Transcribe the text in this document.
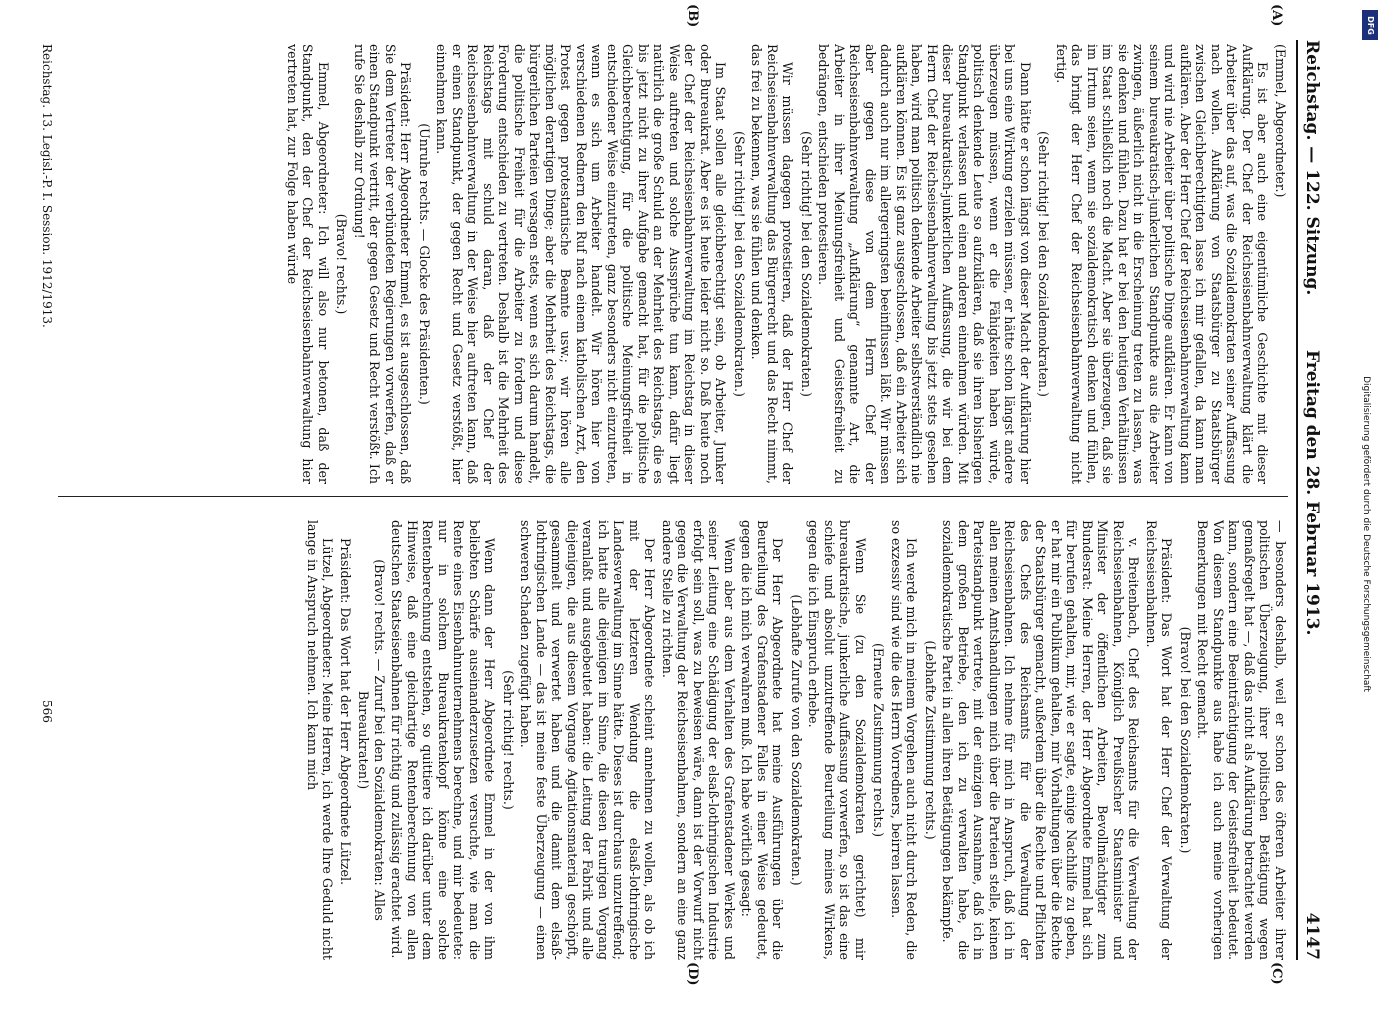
Reichstag. — 122. Sitzung.
Freitag den 28. Februar 1913.
4147
(A)
(B)
(C)
(D)

(Emmel, Abgeordneter.)

Es ist aber auch eine eigentümliche Geschichte mit dieser Aufklärung. Der Chef der Reichseisenbahnverwaltung klärt die Arbeiter über das auf, was die Sozialdemokraten seiner Auffassung nach wollen. Aufklärung von Staatsbürger zu Staatsbürger zwischen Gleichberechtigten lasse ich mir gefallen, da kann man aufklären. Aber der Herr Chef der Reichseisenbahnverwaltung kann und wird nie Arbeiter über politische Dinge aufklären. Er kann von seinem bureaukratisch-junkerlichen Standpunkte aus die Arbeiter zwingen, äußerlich nicht in die Erscheinung treten zu lassen, was sie denken und fühlen. Dazu hat er bei den heutigen Verhältnissen im Staat schließlich noch die Macht. Aber sie überzeugen, daß sie im Irrtum seien, wenn sie sozialdemokratisch denken und fühlen, das bringt der Herr Chef der Reichseisenbahnverwaltung nicht fertig.

(Sehr richtig! bei den Sozialdemokraten.)

Dann hätte er schon längst von dieser Macht der Aufklärung hier bei uns eine Wirkung erzielen müssen, er hätte schon längst andere überzeugen müssen, wenn er die Fähigkeiten haben würde, politisch denkende Leute so aufzuklären, daß sie ihren bisherigen Standpunkt verlassen und einen anderen einnehmen würden. Mit dieser bureaukratisch-junkerlichen Auffassung, die wir bei dem Herrn Chef der Reichseisenbahnverwaltung bis jetzt stets gesehen haben, wird man politisch denkende Arbeiter selbstverständlich nie aufklären können. Es ist ganz ausgeschlossen, daß ein Arbeiter sich dadurch auch nur im allergeringsten beeinflussen läßt. Wir müssen aber gegen diese von dem Herrn Chef der Reichseisenbahnverwaltung „Aufklärung“ genannte Art, die Arbeiter in ihrer Meinungsfreiheit und Geistesfreiheit zu bedrängen, entschieden protestieren.

(Sehr richtig! bei den Sozialdemokraten.)

Wir müssen dagegen protestieren, daß der Herr Chef der Reichseisenbahnverwaltung das Bürgerrecht und das Recht nimmt, das frei zu bekennen, was sie fühlen und denken.

(Sehr richtig! bei den Sozialdemokraten.)

Im Staat sollen alle gleichberechtigt sein, ob Arbeiter, Junker oder Bureaukrat. Aber es ist heute leider nicht so. Daß heute noch der Chef der Reichseisenbahnverwaltung im Reichstag in dieser Weise auftreten und solche Aussprüche tun kann, dafür liegt natürlich die große Schuld an der Mehrheit des Reichstags, die es bis jetzt nicht zu ihrer Aufgabe gemacht hat, für die politische Gleichberechtigung, für die politische Meinungsfreiheit in entschiedener Weise einzutreten, ganz besonders nicht einzutreten, wenn es sich um Arbeiter handelt. Wir hören hier von verschiedenen Rednern den Ruf nach einem katholischen Arzt, den Protest gegen protestantische Beamte usw.; wir hören alle möglichen derartigen Dinge; aber die Mehrheit des Reichstags, die bürgerlichen Parteien versagen stets, wenn es sich darum handelt, die politische Freiheit für die Arbeiter zu fordern und diese Forderung entschieden zu vertreten. Deshalb ist die Mehrheit des Reichstags mit schuld daran, daß der Chef der Reichseisenbahnverwaltung in der Weise hier auftreten kann, daß er einen Standpunkt, der gegen Recht und Gesetz verstößt, hier einnehmen kann.

(Unruhe rechts. — Glocke des Präsidenten.)

Präsident: Herr Abgeordneter Emmel, es ist ausgeschlossen, daß Sie dem Vertreter der verbündeten Regierungen vorwerfen, daß er einen Standpunkt vertritt, der gegen Gesetz und Recht verstößt. Ich rufe Sie deshalb zur Ordnung!

(Bravo! rechts.)

Emmel, Abgeordneter: Ich will also nur betonen, daß der Standpunkt, den der Chef der Reichseisenbahnverwaltung hier vertreten hat, zur Folge haben würde

— besonders deshalb, weil er schon des öfteren Arbeiter ihrer politischen Überzeugung, ihrer politischen Betätigung wegen gemaßregelt hat —, daß das nicht als Aufklärung betrachtet werden kann, sondern eine Beeinträchtigung der Geistesfreiheit bedeutet. Von diesem Standpunkte aus habe ich auch meine vorherigen Bemerkungen mit Recht gemacht.

(Bravo! bei den Sozialdemokraten.)

Präsident: Das Wort hat der Herr Chef der Verwaltung der Reichseisenbahnen.

v. Breitenbach, Chef des Reichsamts für die Verwaltung der Reichseisenbahnen, Königlich Preußischer Staatsminister und Minister der öffentlichen Arbeiten, Bevollmächtigter zum Bundesrat: Meine Herren, der Herr Abgeordnete Emmel hat sich für berufen gehalten, mir, wie er sagte, einige Nachhilfe zu geben, er hat mir ein Publikum gehalten, mir Vorhaltungen über die Rechte der Staatsbürger gemacht, außerdem über die Rechte und Pflichten des Chefs des Reichsamts für die Verwaltung der Reichseisenbahnen. Ich nehme für mich in Anspruch, daß ich in allen meinen Amtshandlungen mich über die Parteien stelle, keinen Parteistandpunkt vertrete, mit der einzigen Ausnahme, daß ich in dem großen Betriebe, den ich zu verwalten habe, die sozialdemokratische Partei in allen ihren Betätigungen bekämpfe.

(Lebhafte Zustimmung rechts.)

Ich werde mich in meinem Vorgehen auch nicht durch Reden, die so exzessiv sind wie die des Herrn Vorredners, beirren lassen.

(Erneute Zustimmung rechts.)

Wenn Sie (zu den Sozialdemokraten gerichtet) mir bureaukratische, junkerliche Auffassung vorwerfen, so ist das eine schiefe und absolut unzutreffende Beurteilung meines Wirkens, gegen die ich Einspruch erhebe.

(Lebhafte Zurufe von den Sozialdemokraten.)

Der Herr Abgeordnete hat meine Ausführungen über die Beurteilung des Grafenstadener Falles in einer Weise gedeutet, gegen die ich mich verwahren muß. Ich habe wörtlich gesagt:

Wenn aber aus dem Verhalten des Grafenstadener Werkes und seiner Leitung eine Schädigung der elsaß-lothringischen Industrie erfolgt sein soll, was zu beweisen wäre, dann ist der Vorwurf nicht gegen die Verwaltung der Reichseisenbahnen, sondern an eine ganz andere Stelle zu richten.

Der Herr Abgeordnete scheint annehmen zu wollen, als ob ich mit der letzteren Wendung die elsaß-lothringische Landesverwaltung im Sinne hätte. Dieses ist durchaus unzutreffend; ich hatte alle diejenigen im Sinne, die diesen traurigen Vorgang veranlaßt und ausgebeutet haben: die Leitung der Fabrik und alle diejenigen, die aus diesem Vorgange Agitationsmaterial geschöpft, gesammelt und verwertet haben und die damit dem elsaß-lothringischen Lande — das ist meine feste Überzeugung — einen schweren Schaden zugefügt haben.

(Sehr richtig! rechts.)

Wenn dann der Herr Abgeordnete Emmel in der von ihm beliebten Schärfe auseinanderzusetzen versuchte, wie man die Rente eines Eisenbahnunternehmens berechne, und mir bedeutete: nur in solchem Bureaukratenkopf könne eine solche Rentenberechnung entstehen, so quittiere ich darüber unter dem Hinweise, daß eine gleichartige Rentenberechnung von allen deutschen Staatseisenbahnen für richtig und zulässig erachtet wird.

(Bravo! rechts. — Zuruf bei den Sozialdemokraten: Alles Bureaukraten!)

Präsident: Das Wort hat der Herr Abgeordnete Lützel.

Lützel, Abgeordneter: Meine Herren, ich werde Ihre Geduld nicht lange in Anspruch nehmen. Ich kann mich

Reichstag. 13. Legisl.-P. I. Session. 1912/1913.
566
DFG
Digitalisierung gefördert durch die Deutsche Forschungsgemeinschaft
